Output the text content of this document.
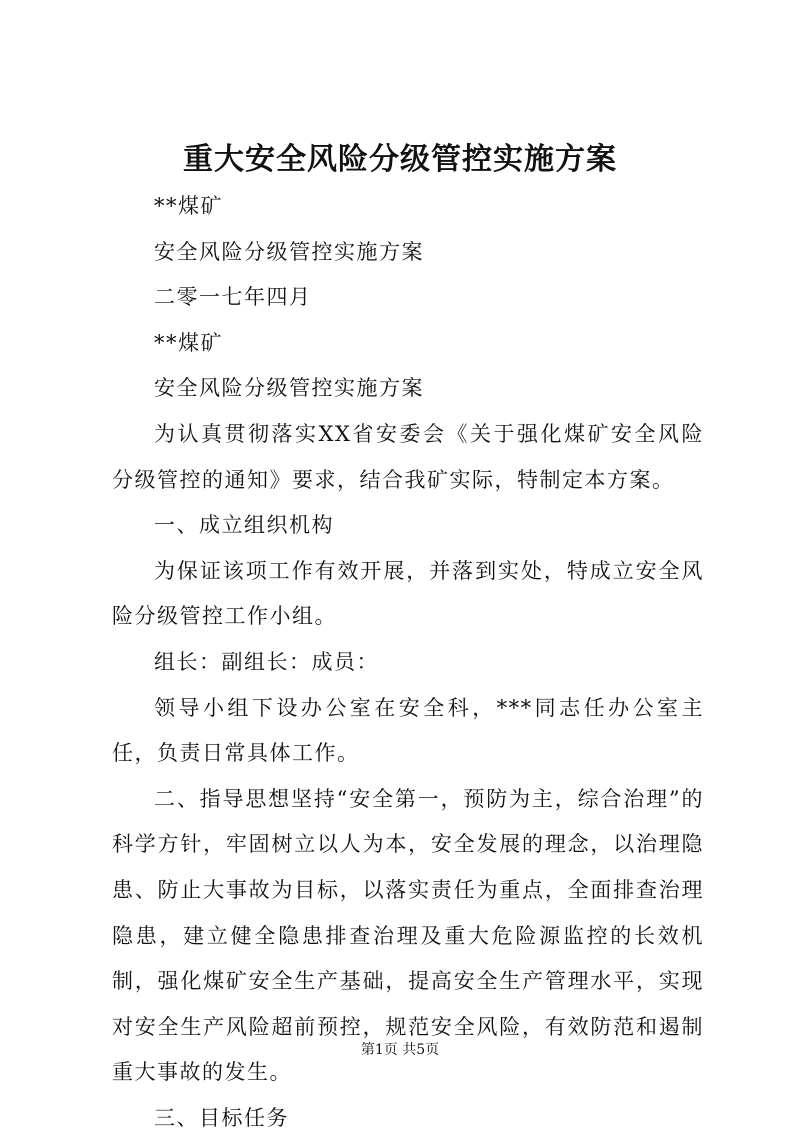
重大安全风险分级管控实施方案

**煤矿

安全风险分级管控实施方案

二零一七年四月

**煤矿

安全风险分级管控实施方案

为认真贯彻落实XX省安委会《关于强化煤矿安全风险分级管控的通知》要求，结合我矿实际，特制定本方案。

一、成立组织机构

为保证该项工作有效开展，并落到实处，特成立安全风险分级管控工作小组。

组长：副组长：成员：

领导小组下设办公室在安全科，***同志任办公室主任，负责日常具体工作。

二、指导思想坚持“安全第一，预防为主，综合治理”的科学方针，牢固树立以人为本，安全发展的理念，以治理隐患、防止大事故为目标，以落实责任为重点，全面排查治理隐患，建立健全隐患排查治理及重大危险源监控的长效机制，强化煤矿安全生产基础，提高安全生产管理水平，实现对安全生产风险超前预控，规范安全风险，有效防范和遏制重大事故的发生。

三、目标任务

第1页 共5页
